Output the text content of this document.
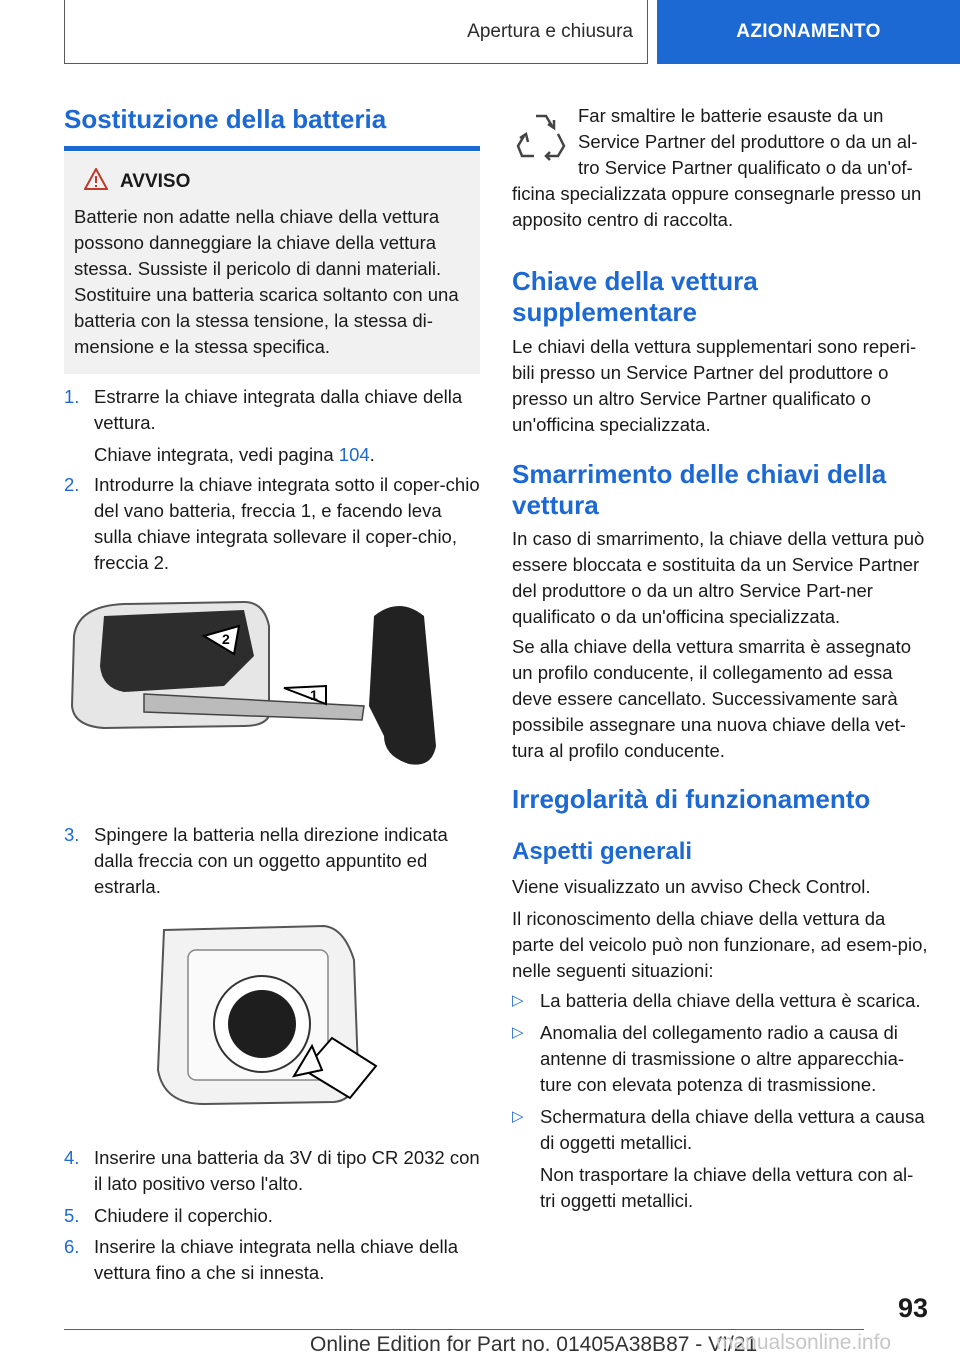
Apertura e chiusura	AZIONAMENTO
Sostituzione della batteria
AVVISO
Batterie non adatte nella chiave della vettura possono danneggiare la chiave della vettura stessa. Sussiste il pericolo di danni materiali. Sostituire una batteria scarica soltanto con una batteria con la stessa tensione, la stessa di-mensione e la stessa specifica.
1. Estrarre la chiave integrata dalla chiave della vettura.
Chiave integrata, vedi pagina 104.
2. Introdurre la chiave integrata sotto il coper-chio del vano batteria, freccia 1, e facendo leva sulla chiave integrata sollevare il coper-chio, freccia 2.
2
1
3. Spingere la batteria nella direzione indicata dalla freccia con un oggetto appuntito ed estrarla.
4. Inserire una batteria da 3V di tipo CR 2032 con il lato positivo verso l'alto.
5. Chiudere il coperchio.
6. Inserire la chiave integrata nella chiave della vettura fino a che si innesta.
Far smaltire le batterie esauste da un Service Partner del produttore o da un al-tro Service Partner qualificato o da un'of-ficina specializzata oppure consegnarle presso un apposito centro di raccolta.
Chiave della vettura supplementare
Le chiavi della vettura supplementari sono reperi-bili presso un Service Partner del produttore o presso un altro Service Partner qualificato o un'officina specializzata.
Smarrimento delle chiavi della vettura
In caso di smarrimento, la chiave della vettura può essere bloccata e sostituita da un Service Partner del produttore o da un altro Service Part-ner qualificato o da un'officina specializzata.
Se alla chiave della vettura smarrita è assegnato un profilo conducente, il collegamento ad essa deve essere cancellato. Successivamente sarà possibile assegnare una nuova chiave della vet-tura al profilo conducente.
Irregolarità di funzionamento
Aspetti generali
Viene visualizzato un avviso Check Control.
Il riconoscimento della chiave della vettura da parte del veicolo può non funzionare, ad esem-pio, nelle seguenti situazioni:
▷ La batteria della chiave della vettura è scarica.
▷ Anomalia del collegamento radio a causa di antenne di trasmissione o altre apparecchia-ture con elevata potenza di trasmissione.
▷ Schermatura della chiave della vettura a causa di oggetti metallici.
Non trasportare la chiave della vettura con al-tri oggetti metallici.
93
Online Edition for Part no. 01405A38B87 - VI/21
manualsonline.info
